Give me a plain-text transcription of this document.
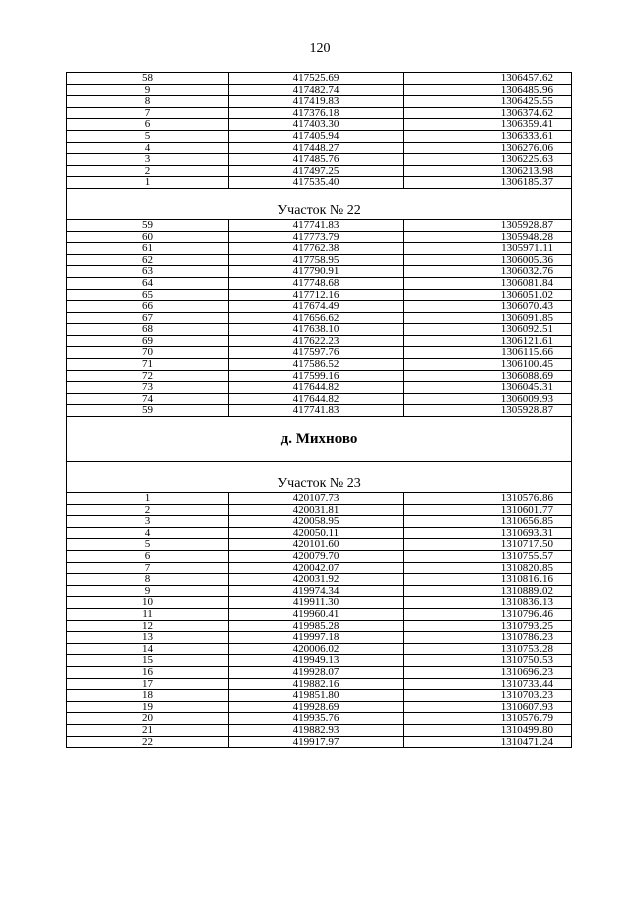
120
58	417525.69	1306457.62
9	417482.74	1306485.96
8	417419.83	1306425.55
7	417376.18	1306374.62
6	417403.30	1306359.41
5	417405.94	1306333.61
4	417448.27	1306276.06
3	417485.76	1306225.63
2	417497.25	1306213.98
1	417535.40	1306185.37
Участок № 22		
59	417741.83	1305928.87
60	417773.79	1305948.28
61	417762.38	1305971.11
62	417758.95	1306005.36
63	417790.91	1306032.76
64	417748.68	1306081.84
65	417712.16	1306051.02
66	417674.49	1306070.43
67	417656.62	1306091.85
68	417638.10	1306092.51
69	417622.23	1306121.61
70	417597.76	1306115.66
71	417586.52	1306100.45
72	417599.16	1306088.69
73	417644.82	1306045.31
74	417644.82	1306009.93
59	417741.83	1305928.87
д. Михново		
Участок № 23		
1	420107.73	1310576.86
2	420031.81	1310601.77
3	420058.95	1310656.85
4	420050.11	1310693.31
5	420101.60	1310717.50
6	420079.70	1310755.57
7	420042.07	1310820.85
8	420031.92	1310816.16
9	419974.34	1310889.02
10	419911.30	1310836.13
11	419960.41	1310796.46
12	419985.28	1310793.25
13	419997.18	1310786.23
14	420006.02	1310753.28
15	419949.13	1310750.53
16	419928.07	1310696.23
17	419882.16	1310733.44
18	419851.80	1310703.23
19	419928.69	1310607.93
20	419935.76	1310576.79
21	419882.93	1310499.80
22	419917.97	1310471.24
